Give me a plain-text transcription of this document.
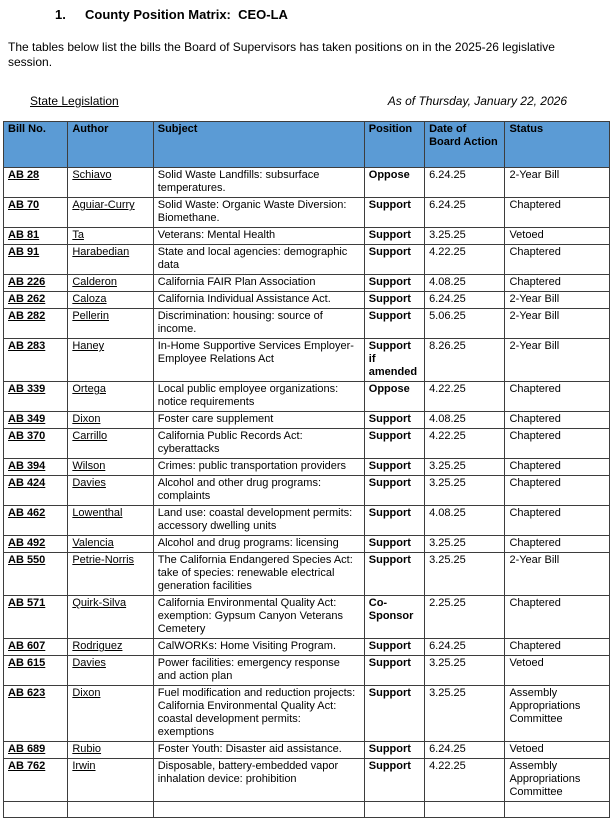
1.	County Position Matrix:  CEO-LA

The tables below list the bills the Board of Supervisors has taken positions on in the 2025-26 legislative session.

State Legislation	As of Thursday, January 22, 2026
Bill No.	Author	Subject	Position	Date of Board Action	Status
AB 28	Schiavo	Solid Waste Landfills: subsurface temperatures.	Oppose	6.24.25	2-Year Bill
AB 70	Aguiar-Curry	Solid Waste: Organic Waste Diversion: Biomethane.	Support	6.24.25	Chaptered
AB 81	Ta	Veterans: Mental Health	Support	3.25.25	Vetoed
AB 91	Harabedian	State and local agencies: demographic data	Support	4.22.25	Chaptered
AB 226	Calderon	California FAIR Plan Association	Support	4.08.25	Chaptered
AB 262	Caloza	California Individual Assistance Act.	Support	6.24.25	2-Year Bill
AB 282	Pellerin	Discrimination: housing: source of income.	Support	5.06.25	2-Year Bill
AB 283	Haney	In-Home Supportive Services Employer-Employee Relations Act	Support if amended	8.26.25	2-Year Bill
AB 339	Ortega	Local public employee organizations: notice requirements	Oppose	4.22.25	Chaptered
AB 349	Dixon	Foster care supplement	Support	4.08.25	Chaptered
AB 370	Carrillo	California Public Records Act: cyberattacks	Support	4.22.25	Chaptered
AB 394	Wilson	Crimes: public transportation providers	Support	3.25.25	Chaptered
AB 424	Davies	Alcohol and other drug programs: complaints	Support	3.25.25	Chaptered
AB 462	Lowenthal	Land use: coastal development permits: accessory dwelling units	Support	4.08.25	Chaptered
AB 492	Valencia	Alcohol and drug programs: licensing	Support	3.25.25	Chaptered
AB 550	Petrie-Norris	The California Endangered Species Act: take of species: renewable electrical generation facilities	Support	3.25.25	2-Year Bill
AB 571	Quirk-Silva	California Environmental Quality Act: exemption: Gypsum Canyon Veterans Cemetery	Co-Sponsor	2.25.25	Chaptered
AB 607	Rodriguez	CalWORKs: Home Visiting Program.	Support	6.24.25	Chaptered
AB 615	Davies	Power facilities: emergency response and action plan	Support	3.25.25	Vetoed
AB 623	Dixon	Fuel modification and reduction projects: California Environmental Quality Act: coastal development permits: exemptions	Support	3.25.25	Assembly Appropriations Committee
AB 689	Rubio	Foster Youth: Disaster aid assistance.	Support	6.24.25	Vetoed
AB 762	Irwin	Disposable, battery-embedded vapor inhalation device: prohibition	Support	4.22.25	Assembly Appropriations Committee
